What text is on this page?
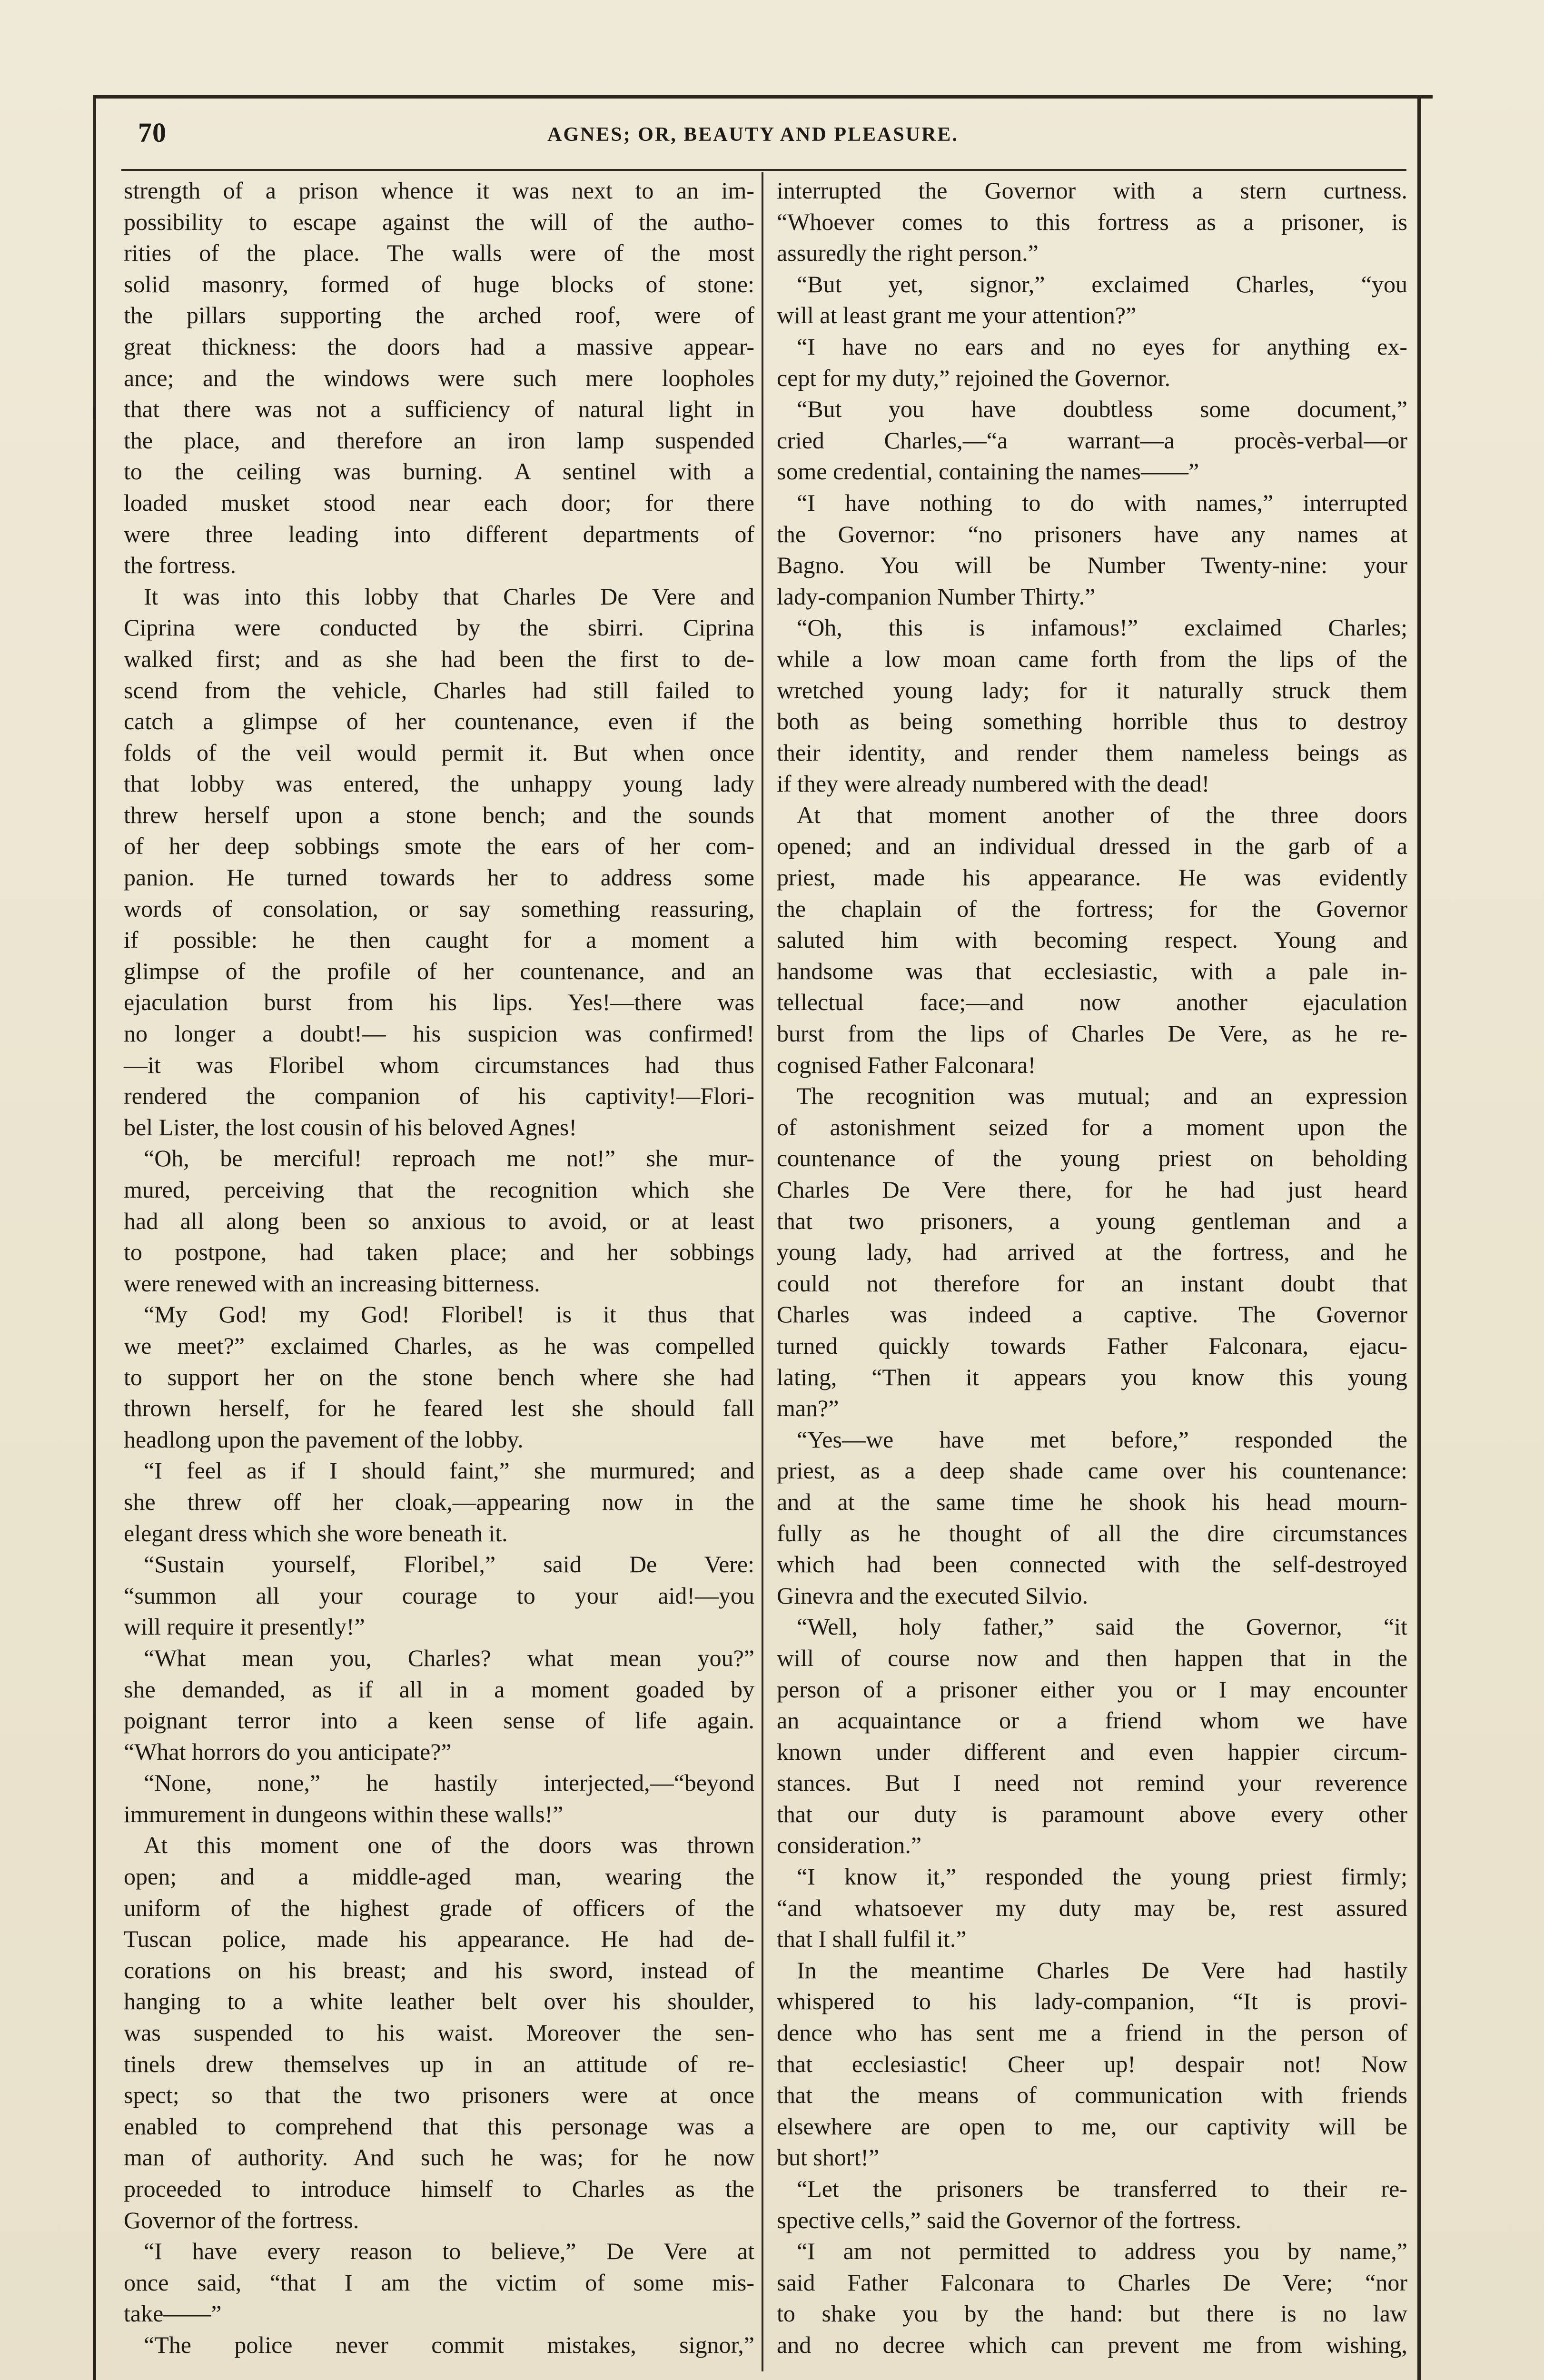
70	AGNES; OR, BEAUTY AND PLEASURE.
strength of a prison whence it was next to an im-
possibility to escape against the will of the autho-
rities of the place. The walls were of the most
solid masonry, formed of huge blocks of stone:
the pillars supporting the arched roof, were of
great thickness: the doors had a massive appear-
ance; and the windows were such mere loopholes
that there was not a sufficiency of natural light in
the place, and therefore an iron lamp suspended
to the ceiling was burning. A sentinel with a
loaded musket stood near each door; for there
were three leading into different departments of
the fortress.
It was into this lobby that Charles De Vere and
Ciprina were conducted by the sbirri. Ciprina
walked first; and as she had been the first to de-
scend from the vehicle, Charles had still failed to
catch a glimpse of her countenance, even if the
folds of the veil would permit it. But when once
that lobby was entered, the unhappy young lady
threw herself upon a stone bench; and the sounds
of her deep sobbings smote the ears of her com-
panion. He turned towards her to address some
words of consolation, or say something reassuring,
if possible: he then caught for a moment a
glimpse of the profile of her countenance, and an
ejaculation burst from his lips. Yes!—there was
no longer a doubt!— his suspicion was confirmed!
—it was Floribel whom circumstances had thus
rendered the companion of his captivity!—Flori-
bel Lister, the lost cousin of his beloved Agnes!
“Oh, be merciful! reproach me not!” she mur-
mured, perceiving that the recognition which she
had all along been so anxious to avoid, or at least
to postpone, had taken place; and her sobbings
were renewed with an increasing bitterness.
“My God! my God! Floribel! is it thus that
we meet?” exclaimed Charles, as he was compelled
to support her on the stone bench where she had
thrown herself, for he feared lest she should fall
headlong upon the pavement of the lobby.
“I feel as if I should faint,” she murmured; and
she threw off her cloak,—appearing now in the
elegant dress which she wore beneath it.
“Sustain yourself, Floribel,” said De Vere:
“summon all your courage to your aid!—you
will require it presently!”
“What mean you, Charles? what mean you?”
she demanded, as if all in a moment goaded by
poignant terror into a keen sense of life again.
“What horrors do you anticipate?”
“None, none,” he hastily interjected,—“beyond
immurement in dungeons within these walls!”
At this moment one of the doors was thrown
open; and a middle-aged man, wearing the
uniform of the highest grade of officers of the
Tuscan police, made his appearance. He had de-
corations on his breast; and his sword, instead of
hanging to a white leather belt over his shoulder,
was suspended to his waist. Moreover the sen-
tinels drew themselves up in an attitude of re-
spect; so that the two prisoners were at once
enabled to comprehend that this personage was a
man of authority. And such he was; for he now
proceeded to introduce himself to Charles as the
Governor of the fortress.
“I have every reason to believe,” De Vere at
once said, “that I am the victim of some mis-
take——”
“The police never commit mistakes, signor,”
interrupted the Governor with a stern curtness.
“Whoever comes to this fortress as a prisoner, is
assuredly the right person.”
“But yet, signor,” exclaimed Charles, “you
will at least grant me your attention?”
“I have no ears and no eyes for anything ex-
cept for my duty,” rejoined the Governor.
“But you have doubtless some document,”
cried Charles,—“a warrant—a procès-verbal—or
some credential, containing the names——”
“I have nothing to do with names,” interrupted
the Governor: “no prisoners have any names at
Bagno. You will be Number Twenty-nine: your
lady-companion Number Thirty.”
“Oh, this is infamous!” exclaimed Charles;
while a low moan came forth from the lips of the
wretched young lady; for it naturally struck them
both as being something horrible thus to destroy
their identity, and render them nameless beings as
if they were already numbered with the dead!
At that moment another of the three doors
opened; and an individual dressed in the garb of a
priest, made his appearance. He was evidently
the chaplain of the fortress; for the Governor
saluted him with becoming respect. Young and
handsome was that ecclesiastic, with a pale in-
tellectual face;—and now another ejaculation
burst from the lips of Charles De Vere, as he re-
cognised Father Falconara!
The recognition was mutual; and an expression
of astonishment seized for a moment upon the
countenance of the young priest on beholding
Charles De Vere there, for he had just heard
that two prisoners, a young gentleman and a
young lady, had arrived at the fortress, and he
could not therefore for an instant doubt that
Charles was indeed a captive. The Governor
turned quickly towards Father Falconara, ejacu-
lating, “Then it appears you know this young
man?”
“Yes—we have met before,” responded the
priest, as a deep shade came over his countenance:
and at the same time he shook his head mourn-
fully as he thought of all the dire circumstances
which had been connected with the self-destroyed
Ginevra and the executed Silvio.
“Well, holy father,” said the Governor, “it
will of course now and then happen that in the
person of a prisoner either you or I may encounter
an acquaintance or a friend whom we have
known under different and even happier circum-
stances. But I need not remind your reverence
that our duty is paramount above every other
consideration.”
“I know it,” responded the young priest firmly;
“and whatsoever my duty may be, rest assured
that I shall fulfil it.”
In the meantime Charles De Vere had hastily
whispered to his lady-companion, “It is provi-
dence who has sent me a friend in the person of
that ecclesiastic! Cheer up! despair not! Now
that the means of communication with friends
elsewhere are open to me, our captivity will be
but short!”
“Let the prisoners be transferred to their re-
spective cells,” said the Governor of the fortress.
“I am not permitted to address you by name,”
said Father Falconara to Charles De Vere; “nor
to shake you by the hand: but there is no law
and no decree which can prevent me from wishing,
